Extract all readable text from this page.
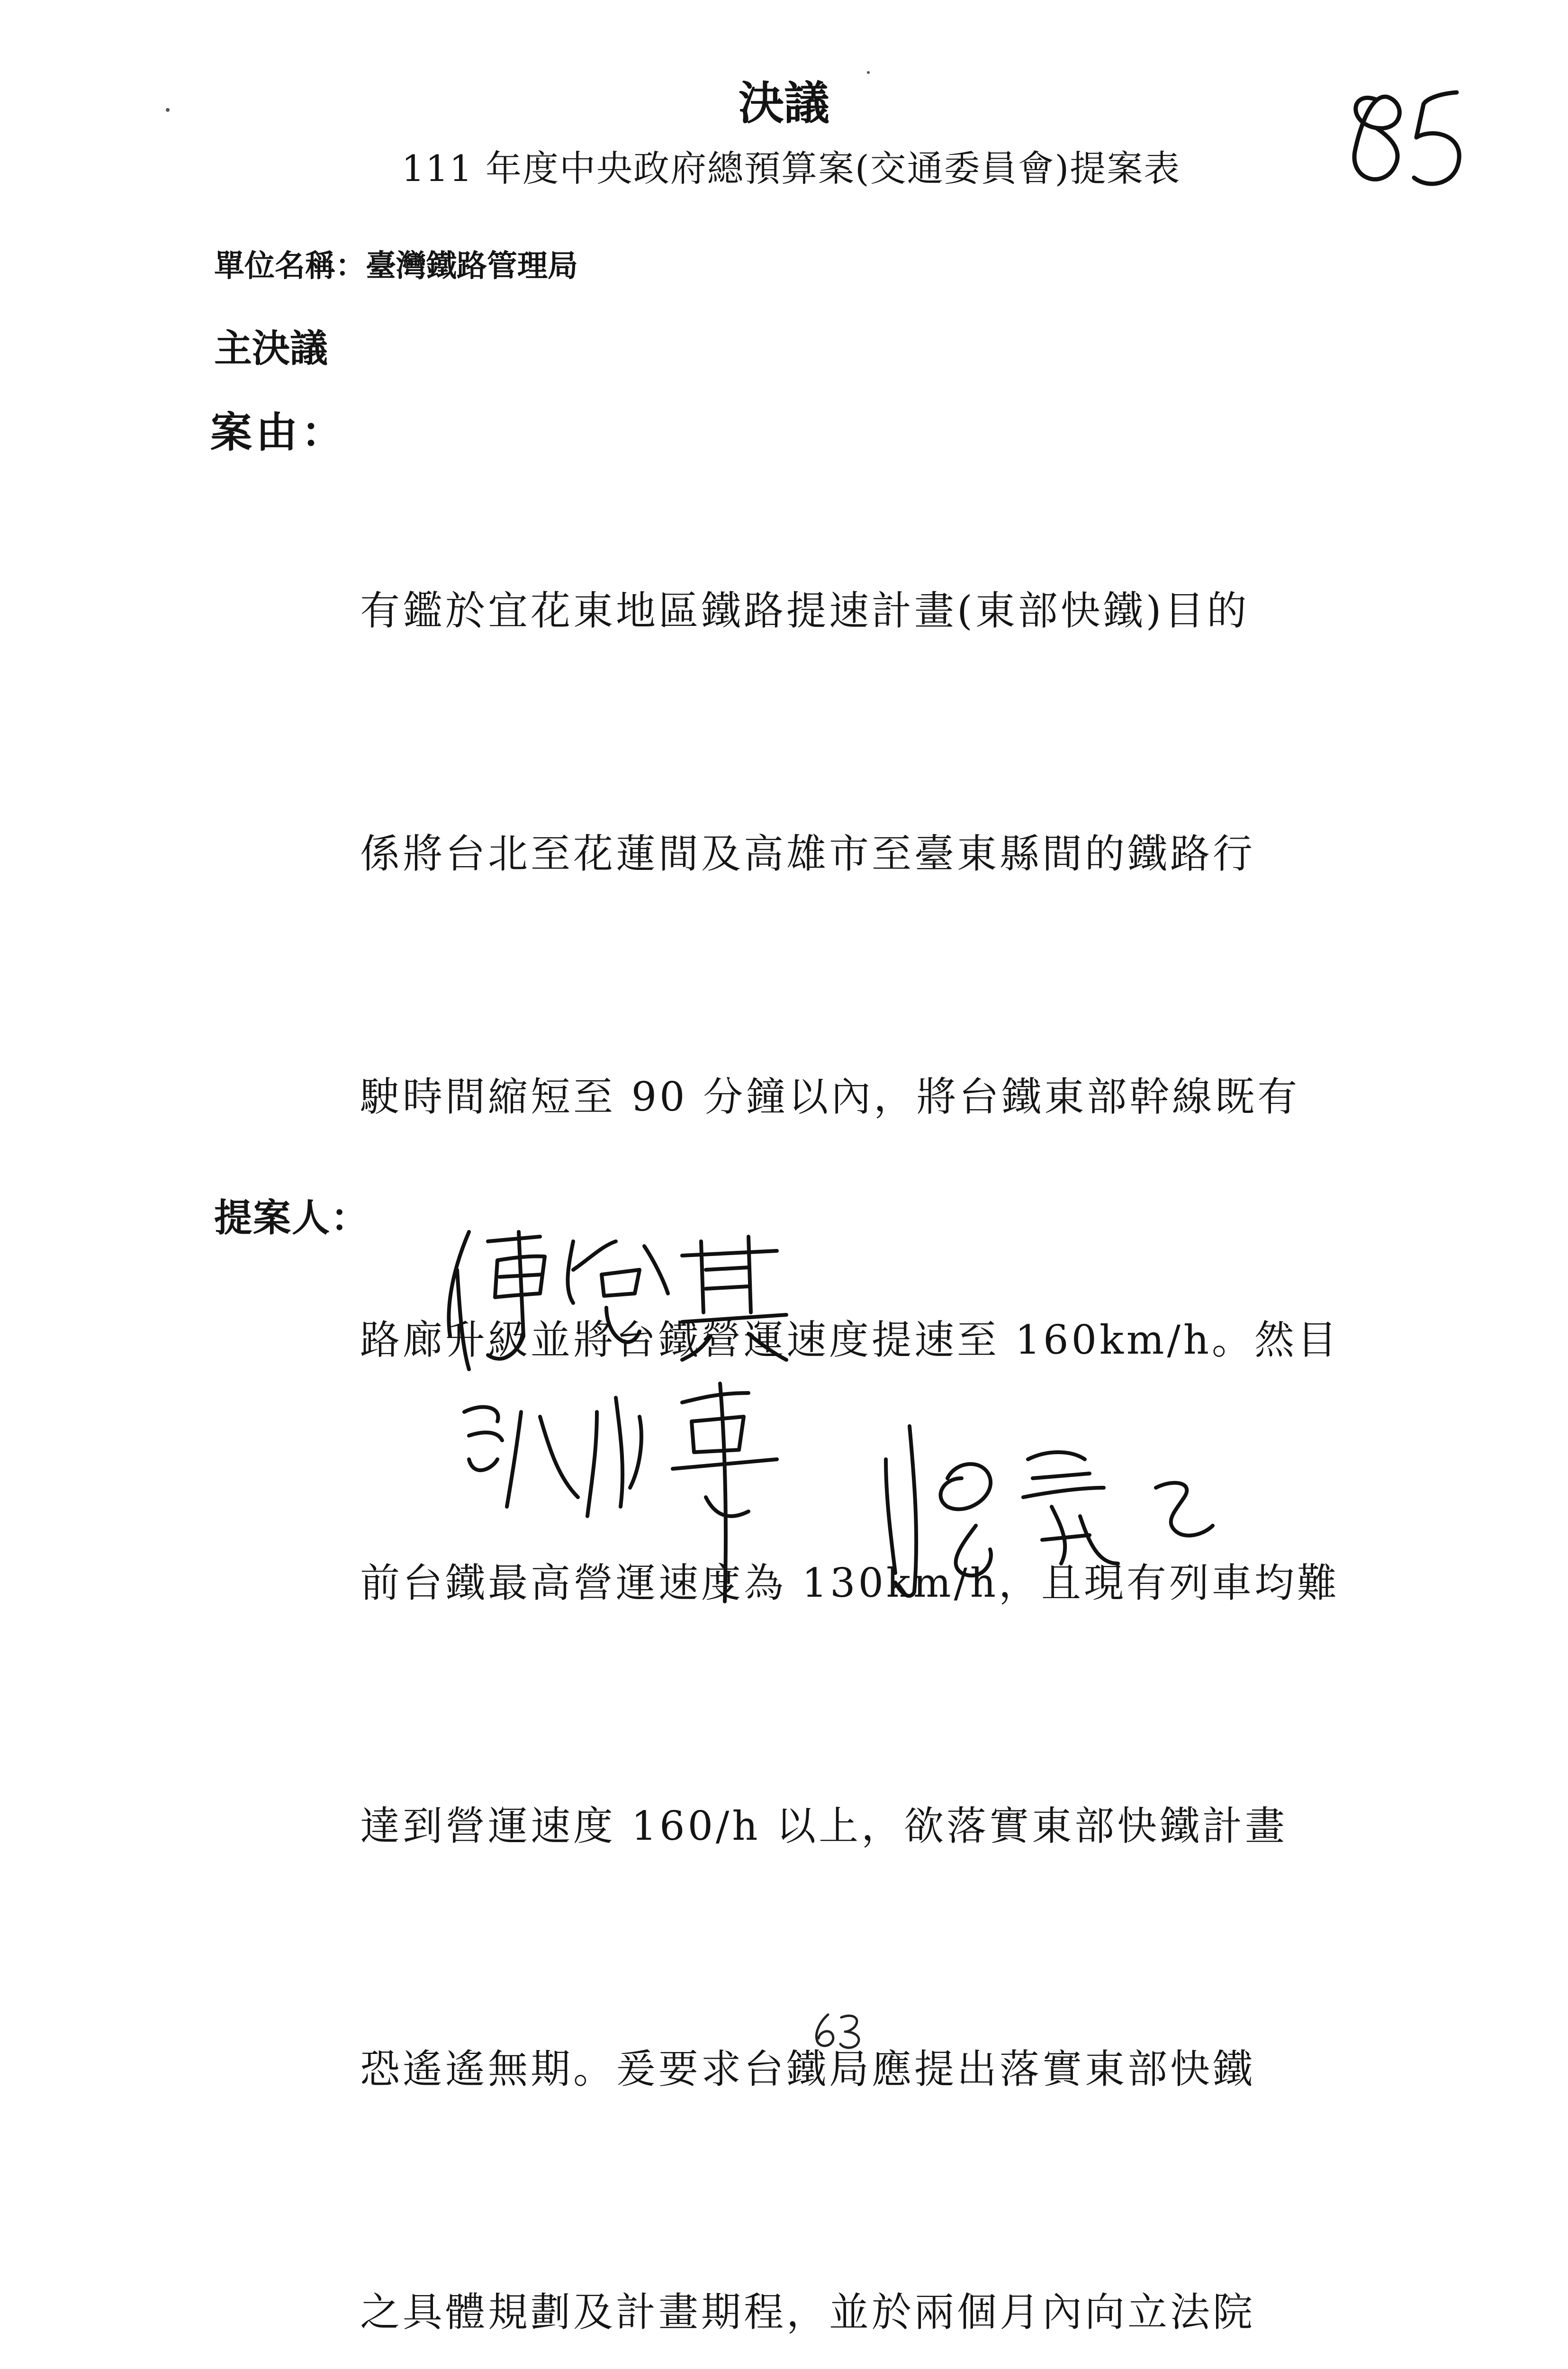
決議
111 年度中央政府總預算案(交通委員會)提案表
單位名稱：臺灣鐵路管理局
主決議
案由：

有鑑於宜花東地區鐵路提速計畫(東部快鐵)目的

係將台北至花蓮間及高雄市至臺東縣間的鐵路行

駛時間縮短至 90 分鐘以內，將台鐵東部幹線既有

路廊升級並將台鐵營運速度提速至 160km/h。然目

前台鐵最高營運速度為 130km/h，且現有列車均難

達到營運速度 160/h 以上，欲落實東部快鐵計畫

恐遙遙無期。爰要求台鐵局應提出落實東部快鐵

之具體規劃及計畫期程，並於兩個月內向立法院

提案人：
